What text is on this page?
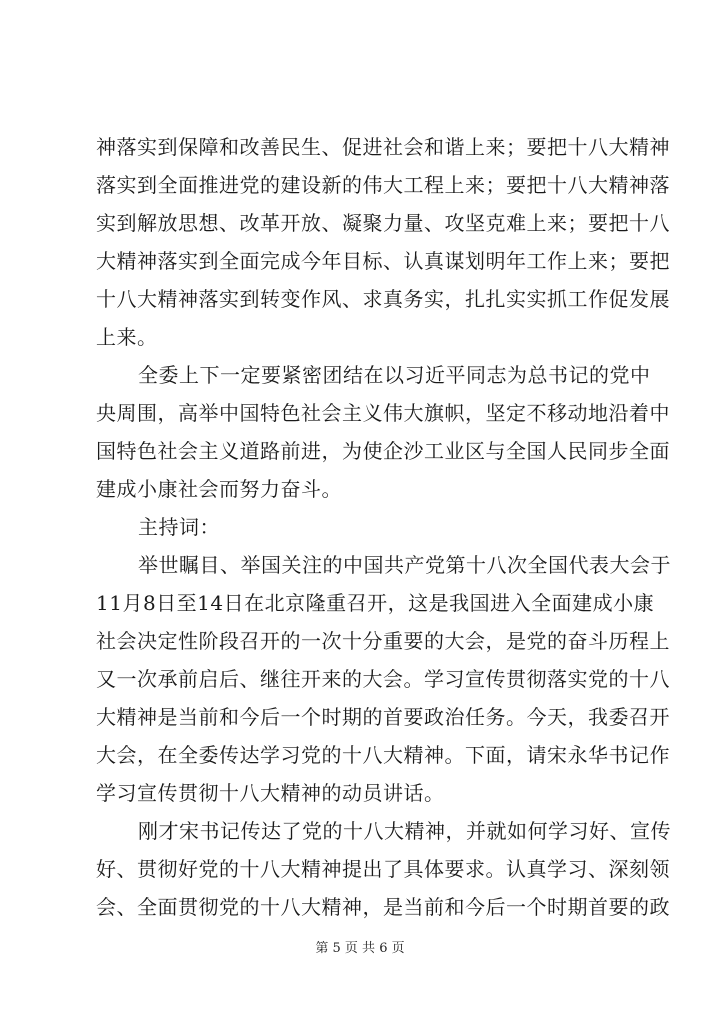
神落实到保障和改善民生、促进社会和谐上来；要把十八大精神
落实到全面推进党的建设新的伟大工程上来；要把十八大精神落
实到解放思想、改革开放、凝聚力量、攻坚克难上来；要把十八
大精神落实到全面完成今年目标、认真谋划明年工作上来；要把
十八大精神落实到转变作风、求真务实，扎扎实实抓工作促发展
上来。
全委上下一定要紧密团结在以习近平同志为总书记的党中
央周围，高举中国特色社会主义伟大旗帜，坚定不移动地沿着中
国特色社会主义道路前进，为使企沙工业区与全国人民同步全面
建成小康社会而努力奋斗。
主持词：
举世瞩目、举国关注的中国共产党第十八次全国代表大会于
11月8日至14日在北京隆重召开，这是我国进入全面建成小康
社会决定性阶段召开的一次十分重要的大会，是党的奋斗历程上
又一次承前启后、继往开来的大会。学习宣传贯彻落实党的十八
大精神是当前和今后一个时期的首要政治任务。今天，我委召开
大会，在全委传达学习党的十八大精神。下面，请宋永华书记作
学习宣传贯彻十八大精神的动员讲话。
刚才宋书记传达了党的十八大精神，并就如何学习好、宣传
好、贯彻好党的十八大精神提出了具体要求。认真学习、深刻领
会、全面贯彻党的十八大精神，是当前和今后一个时期首要的政
第 5 页 共 6 页
